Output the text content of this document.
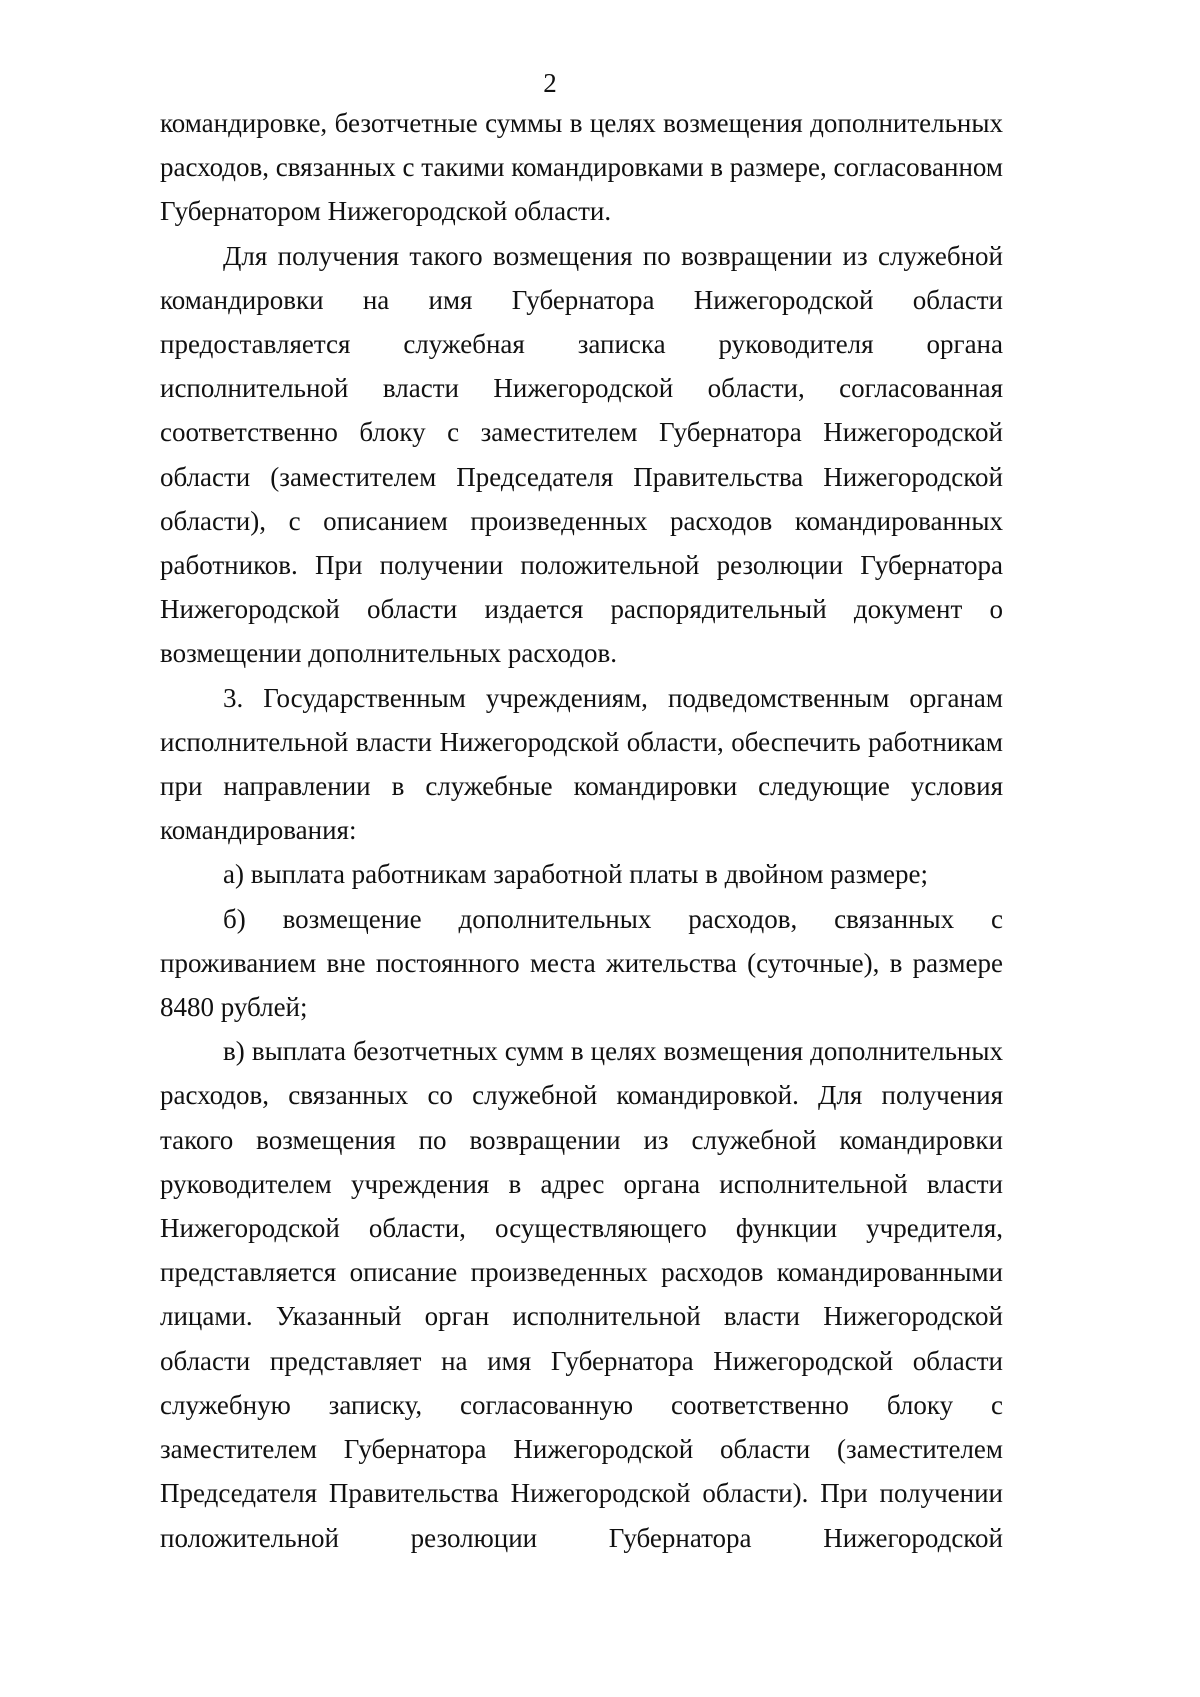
2

командировке, безотчетные суммы в целях возмещения дополнительных расходов, связанных с такими командировками в размере, согласованном Губернатором Нижегородской области.

Для получения такого возмещения по возвращении из служебной командировки на имя Губернатора Нижегородской области предоставляется служебная записка руководителя органа исполнительной власти Нижегородской области, согласованная соответственно блоку с заместителем Губернатора Нижегородской области (заместителем Председателя Правительства Нижегородской области), с описанием произведенных расходов командированных работников. При получении положительной резолюции Губернатора Нижегородской области издается распорядительный документ о возмещении дополнительных расходов.

3. Государственным учреждениям, подведомственным органам исполнительной власти Нижегородской области, обеспечить работникам при направлении в служебные командировки следующие условия командирования:

а) выплата работникам заработной платы в двойном размере;

б) возмещение дополнительных расходов, связанных с проживанием вне постоянного места жительства (суточные), в размере 8480 рублей;

в) выплата безотчетных сумм в целях возмещения дополнительных расходов, связанных со служебной командировкой. Для получения такого возмещения по возвращении из служебной командировки руководителем учреждения в адрес органа исполнительной власти Нижегородской области, осуществляющего функции учредителя, представляется описание произведенных расходов командированными лицами. Указанный орган исполнительной власти Нижегородской области представляет на имя Губернатора Нижегородской области служебную записку, согласованную соответственно блоку с заместителем Губернатора Нижегородской области (заместителем Председателя Правительства Нижегородской области). При получении положительной резолюции Губернатора Нижегородской
